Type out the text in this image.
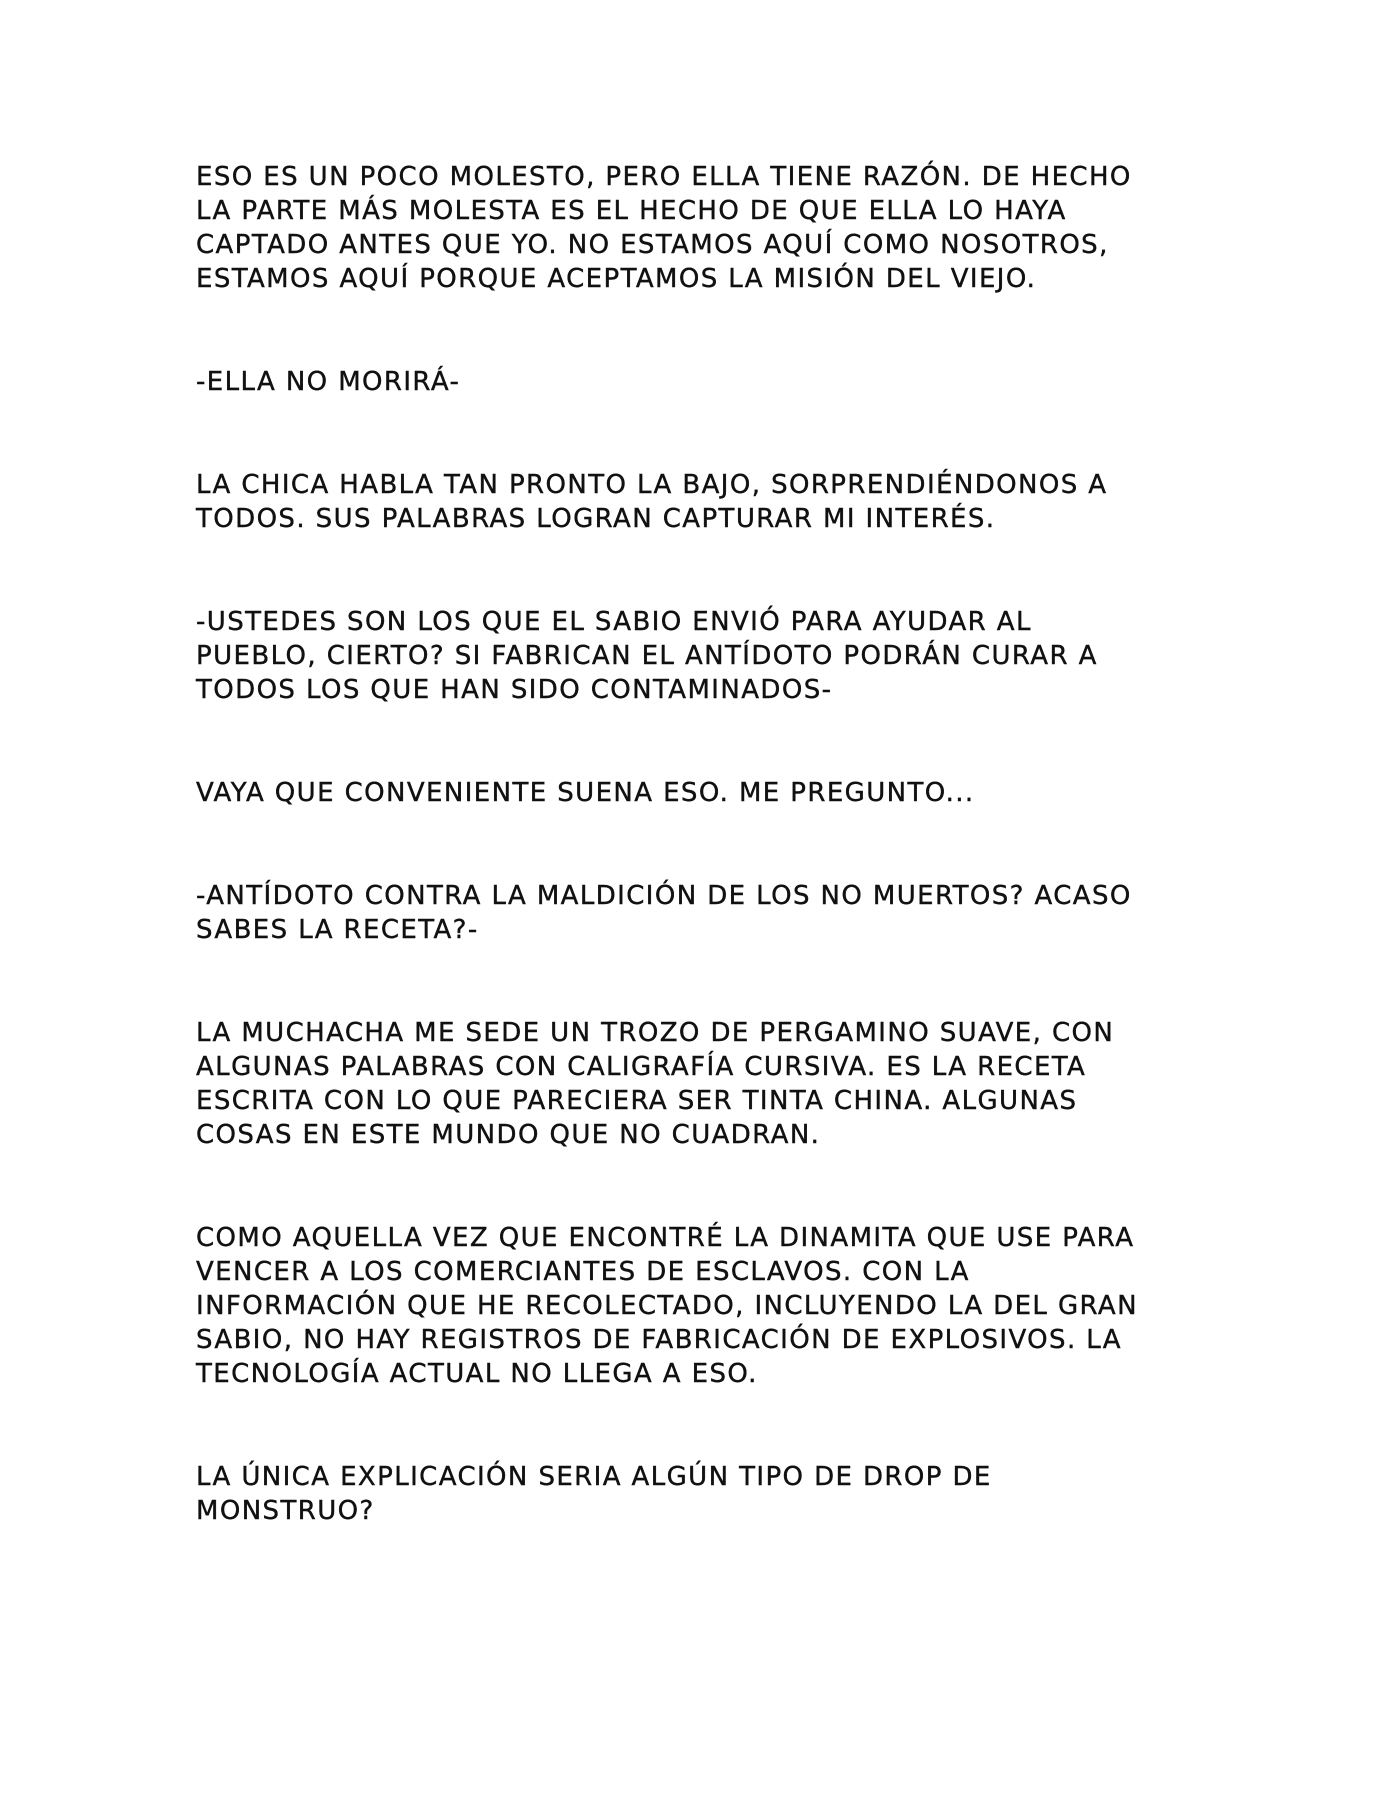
ESO ES UN POCO MOLESTO, PERO ELLA TIENE RAZÓN. DE HECHO
LA PARTE MÁS MOLESTA ES EL HECHO DE QUE ELLA LO HAYA
CAPTADO ANTES QUE YO. NO ESTAMOS AQUÍ COMO NOSOTROS,
ESTAMOS AQUÍ PORQUE ACEPTAMOS LA MISIÓN DEL VIEJO.

-ELLA NO MORIRÁ-

LA CHICA HABLA TAN PRONTO LA BAJO, SORPRENDIÉNDONOS A
TODOS. SUS PALABRAS LOGRAN CAPTURAR MI INTERÉS.

-USTEDES SON LOS QUE EL SABIO ENVIÓ PARA AYUDAR AL
PUEBLO, CIERTO? SI FABRICAN EL ANTÍDOTO PODRÁN CURAR A
TODOS LOS QUE HAN SIDO CONTAMINADOS-

VAYA QUE CONVENIENTE SUENA ESO. ME PREGUNTO...

-ANTÍDOTO CONTRA LA MALDICIÓN DE LOS NO MUERTOS? ACASO
SABES LA RECETA?-

LA MUCHACHA ME SEDE UN TROZO DE PERGAMINO SUAVE, CON
ALGUNAS PALABRAS CON CALIGRAFÍA CURSIVA. ES LA RECETA
ESCRITA CON LO QUE PARECIERA SER TINTA CHINA. ALGUNAS
COSAS EN ESTE MUNDO QUE NO CUADRAN.

COMO AQUELLA VEZ QUE ENCONTRÉ LA DINAMITA QUE USE PARA
VENCER A LOS COMERCIANTES DE ESCLAVOS. CON LA
INFORMACIÓN QUE HE RECOLECTADO, INCLUYENDO LA DEL GRAN
SABIO, NO HAY REGISTROS DE FABRICACIÓN DE EXPLOSIVOS. LA
TECNOLOGÍA ACTUAL NO LLEGA A ESO.

LA ÚNICA EXPLICACIÓN SERIA ALGÚN TIPO DE DROP DE
MONSTRUO?
